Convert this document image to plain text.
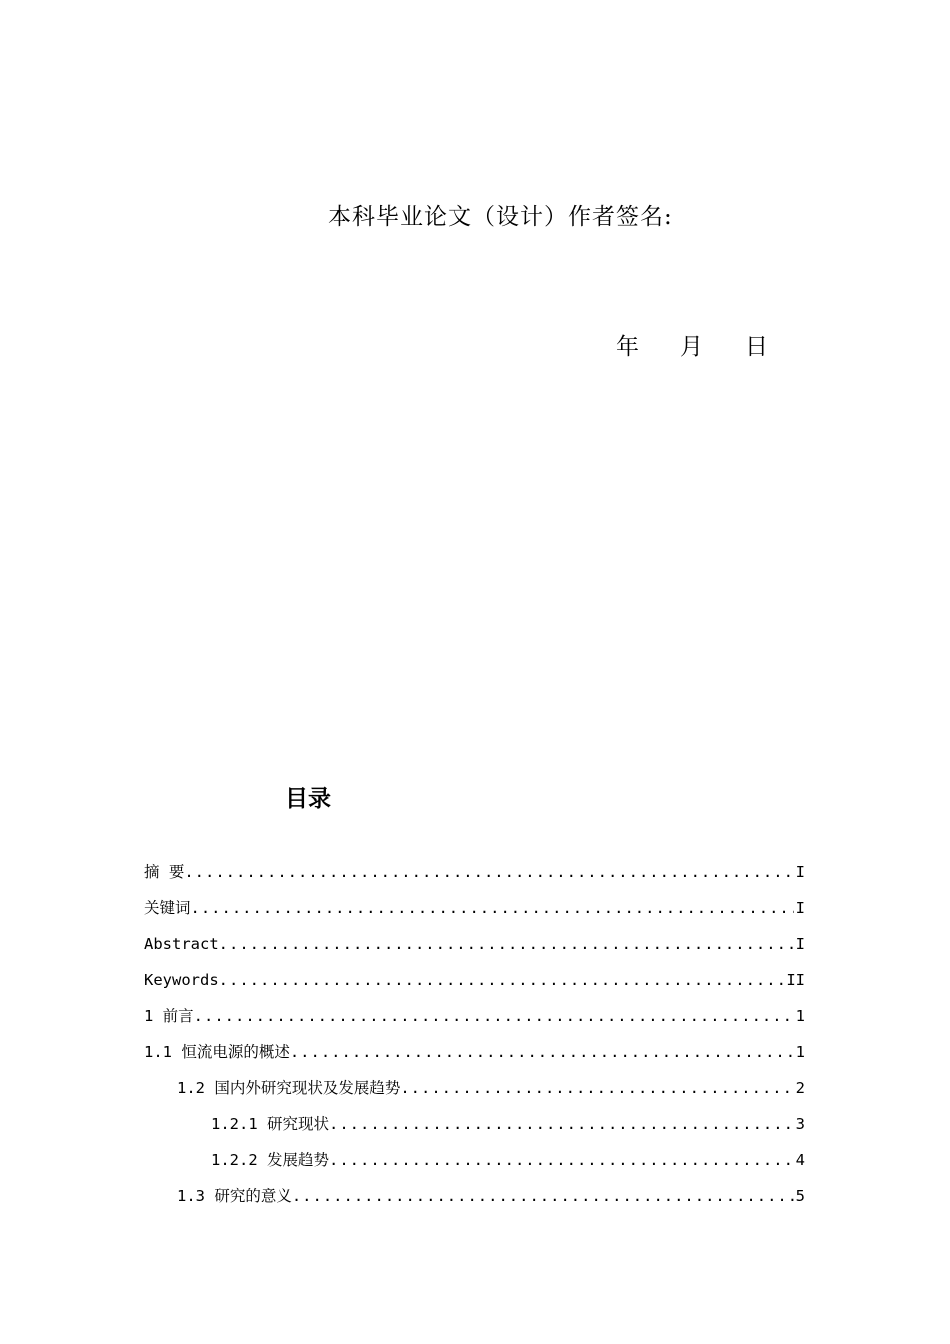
本科毕业论文（设计）作者签名:
年 月 日
目录
摘 要 .....	I
关键词 .....	I
Abstract .....	I
Keywords .....	II
1 前言 .....	1
1.1 恒流电源的概述 .....	1
1.2 国内外研究现状及发展趋势 .....	2
1.2.1 研究现状 .....	3
1.2.2 发展趋势 .....	4
1.3 研究的意义 .....	5
